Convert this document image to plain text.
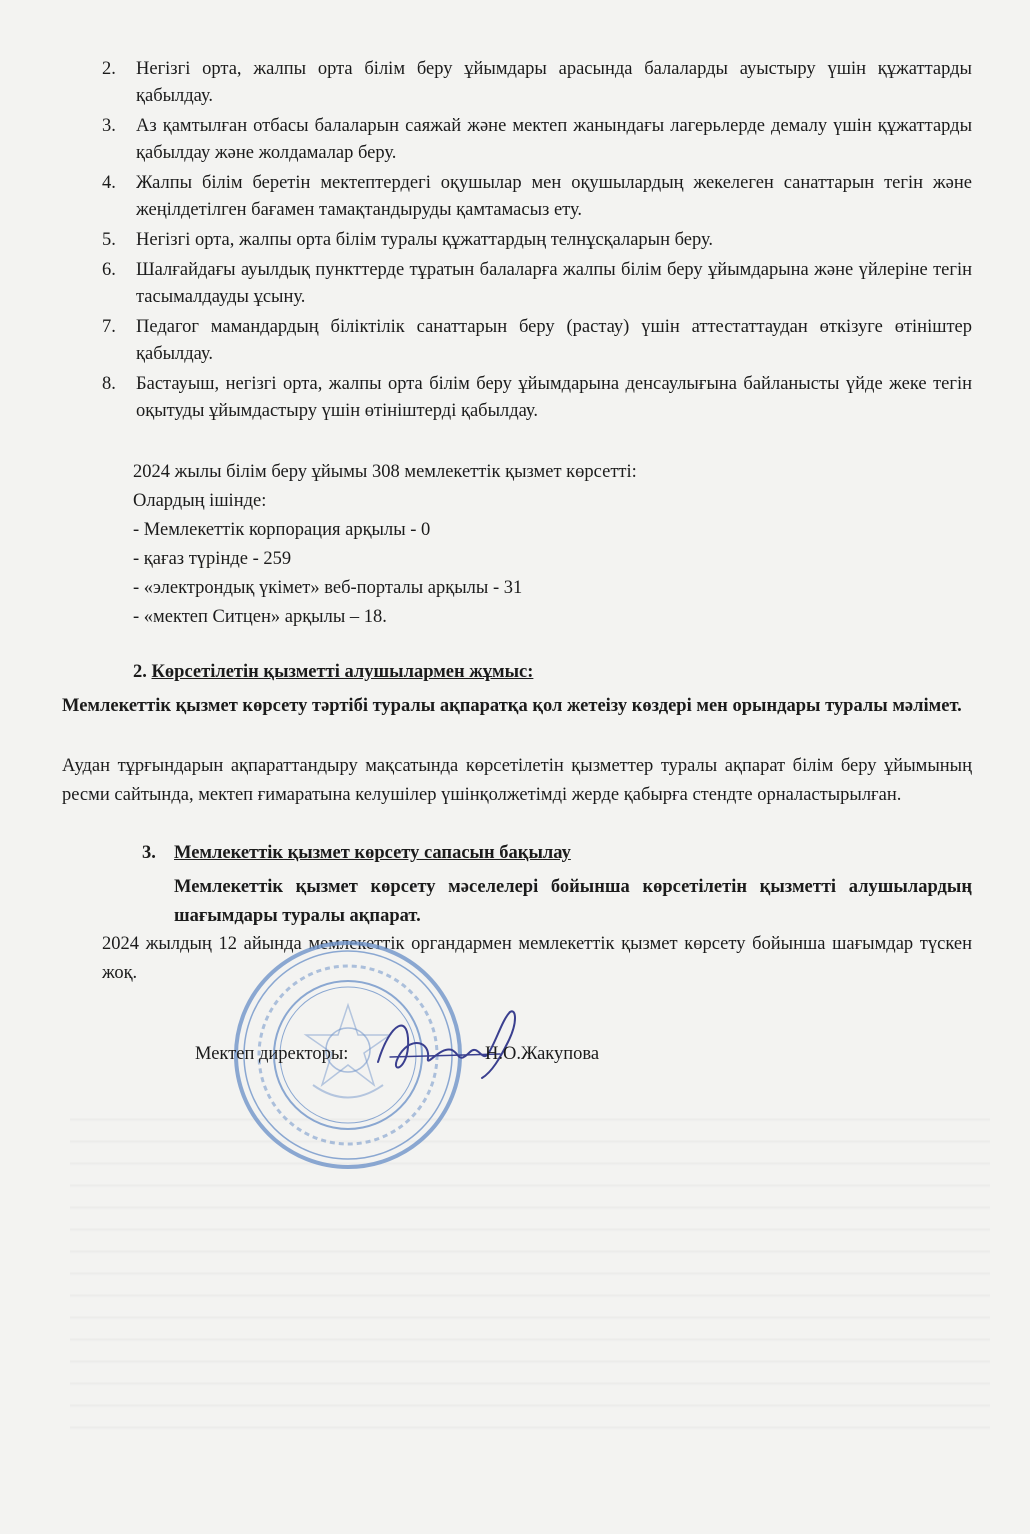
2. Негізгі орта, жалпы орта білім беру ұйымдары арасында балаларды ауыстыру үшін құжаттарды қабылдау.
3. Аз қамтылған отбасы балаларын саяжай және мектеп жанындағы лагерьлерде демалу үшін құжаттарды қабылдау және жолдамалар беру.
4. Жалпы білім беретін мектептердегі оқушылар мен оқушылардың жекелеген санаттарын тегін және жеңілдетілген бағамен тамақтандыруды қамтамасыз ету.
5. Негізгі орта, жалпы орта білім туралы құжаттардың телнұсқаларын беру.
6. Шалғайдағы ауылдық пункттерде тұратын балаларға жалпы білім беру ұйымдарына және үйлеріне тегін тасымалдауды ұсыну.
7. Педагог мамандардың біліктілік санаттарын беру (растау) үшін аттестаттаудан өткізуге өтініштер қабылдау.
8. Бастауыш, негізгі орта, жалпы орта білім беру ұйымдарына денсаулығына байланысты үйде жеке тегін оқытуды ұйымдастыру үшін өтініштерді қабылдау.
2024 жылы білім беру ұйымы 308 мемлекеттік қызмет көрсетті:
Олардың ішінде:
- Мемлекеттік корпорация арқылы - 0
- қағаз түрінде - 259
- «электрондық үкімет» веб-порталы арқылы - 31
- «мектеп Ситцен» арқылы – 18.
2. Көрсетілетін қызметті алушылармен жұмыс:
Мемлекеттік қызмет көрсету тәртібі туралы ақпаратқа қол жетеізу көздері мен орындары туралы мәлімет.
Аудан тұрғындарын ақпараттандыру мақсатында көрсетілетін қызметтер туралы ақпарат білім беру ұйымының ресми сайтында, мектеп ғимаратына келушілер үшінқолжетімді жерде қабырға стендте орналастырылған.
3. Мемлекеттік қызмет көрсету сапасын бақылау
Мемлекеттік қызмет көрсету мәселелері бойынша көрсетілетін қызметті алушылардың шағымдары туралы ақпарат.
2024 жылдың 12 айында мемлекеттік органдармен мемлекеттік қызмет көрсету бойынша шағымдар түскен жоқ.
Мектеп директоры:	Н.О.Жакупова
